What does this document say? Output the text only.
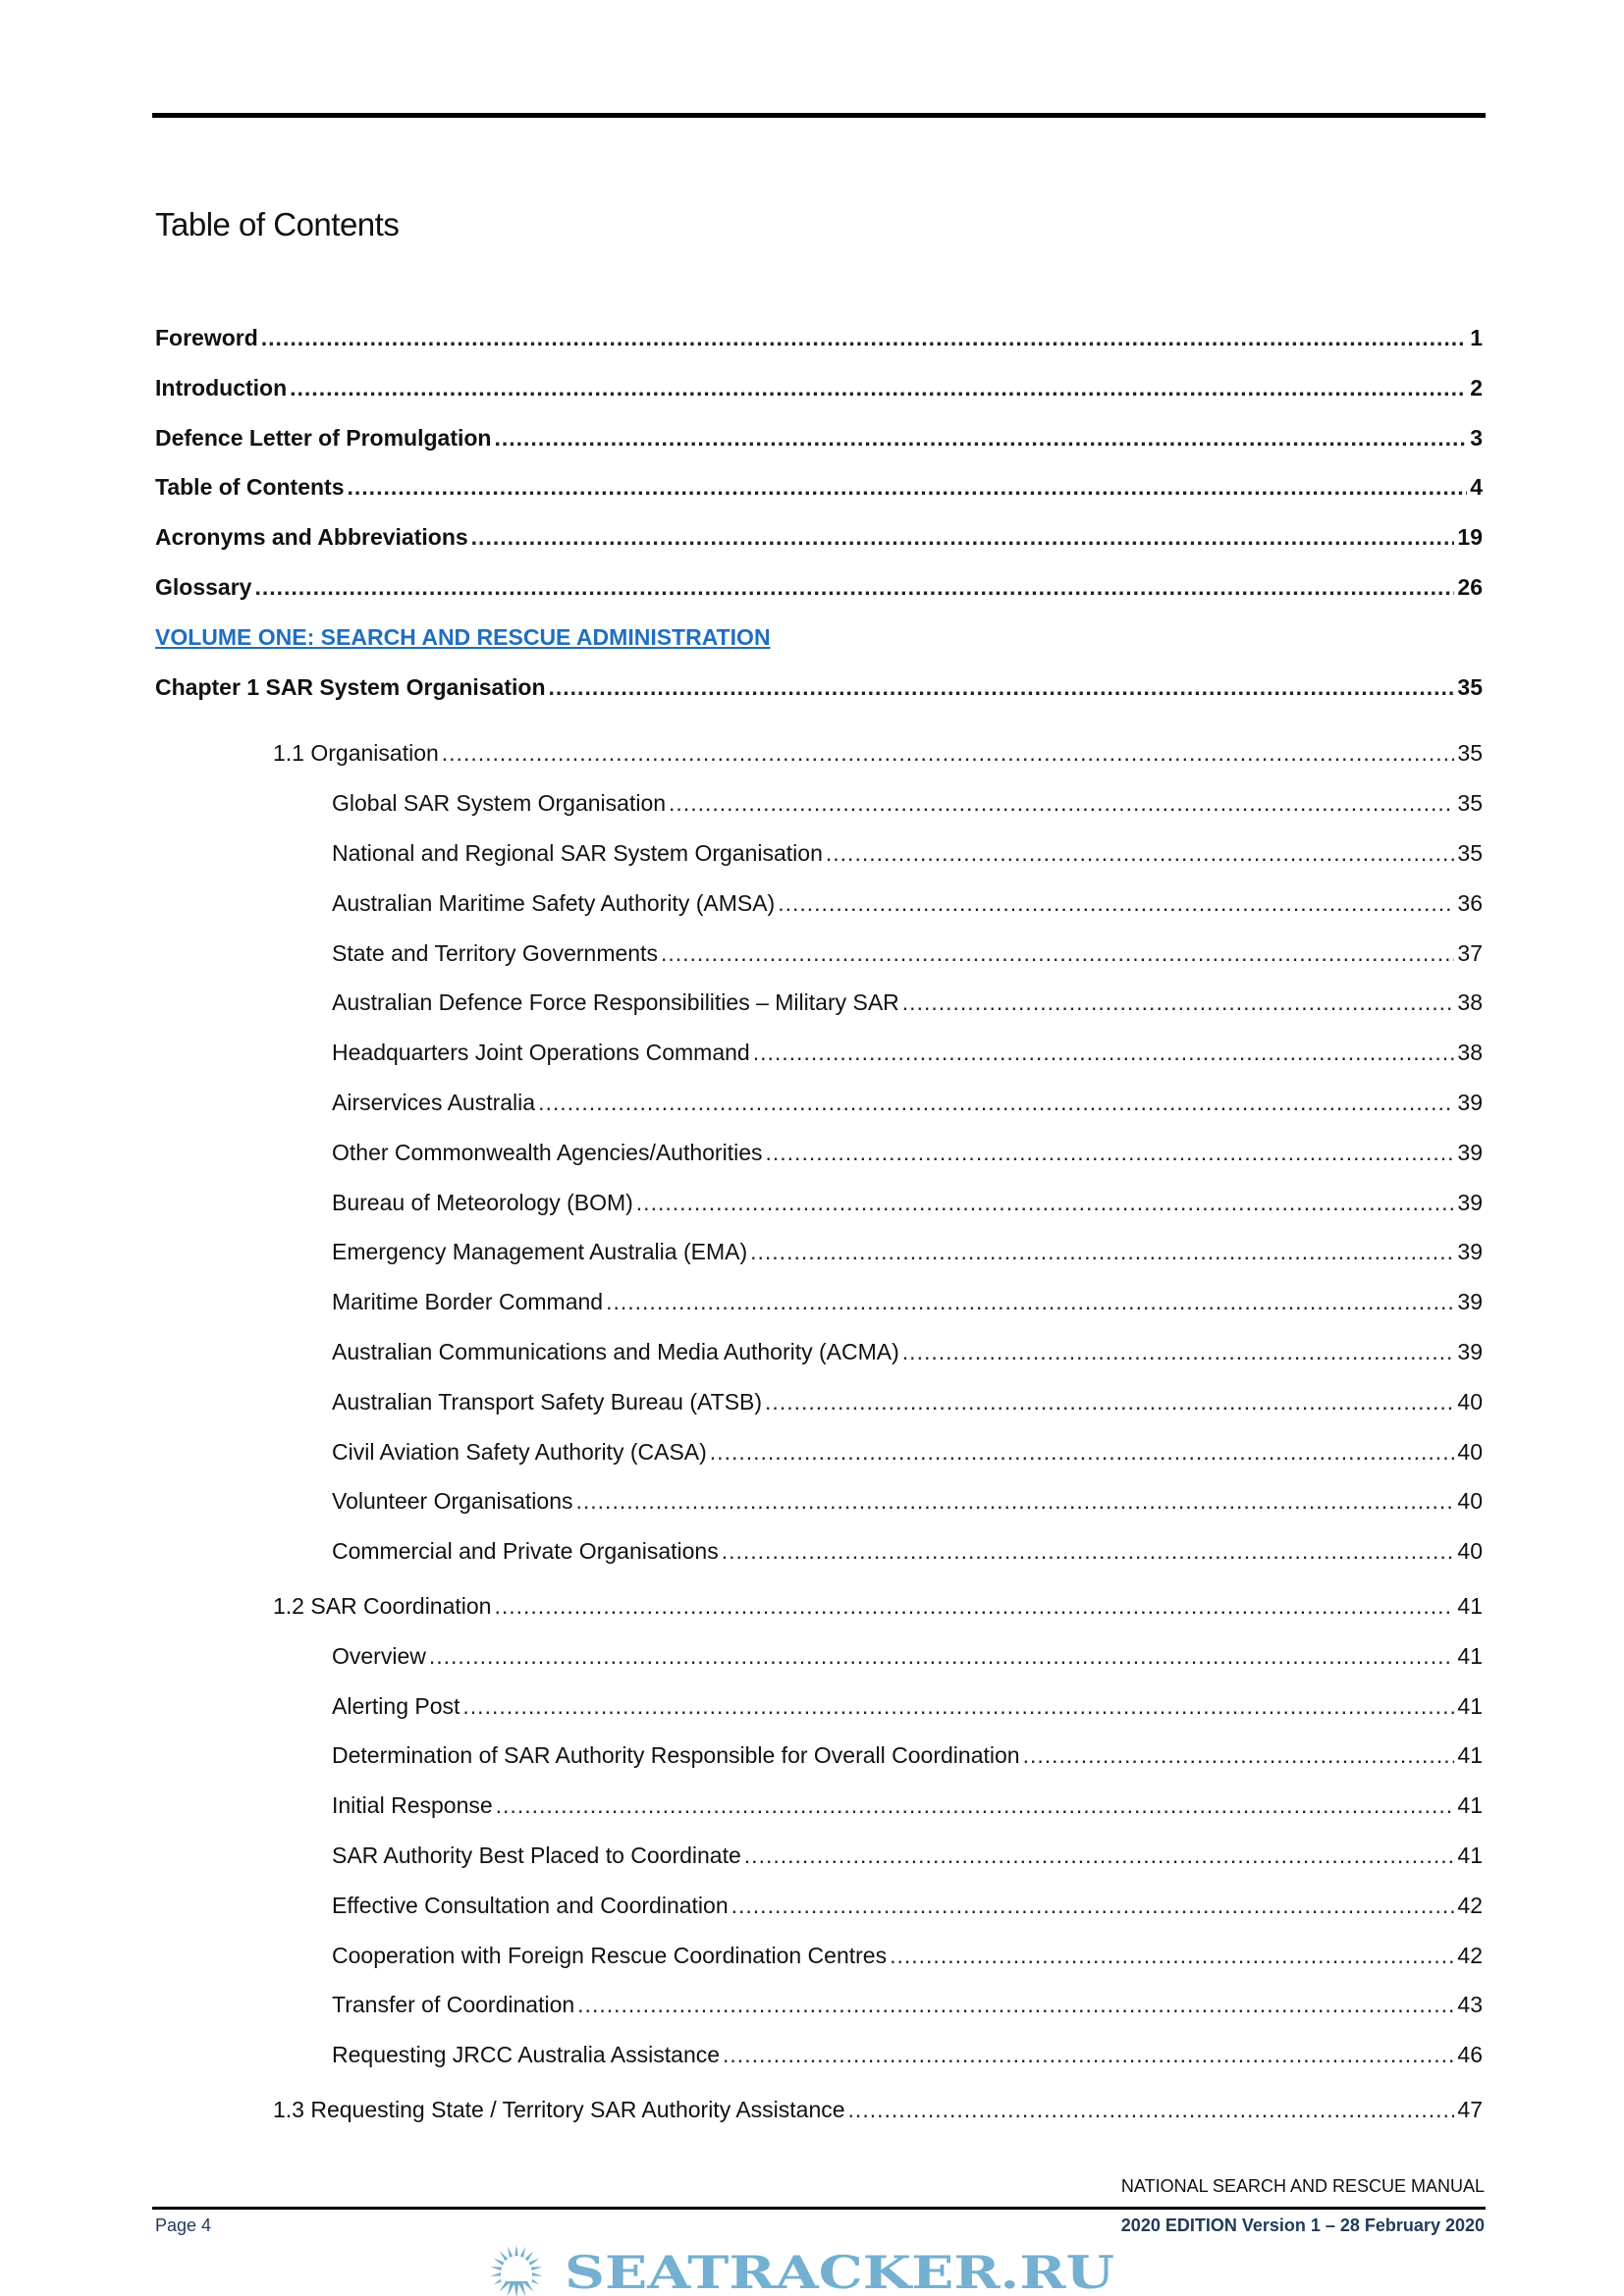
Table of Contents
Foreword .....	1
Introduction .....	2
Defence Letter of Promulgation .....	3
Table of Contents .....	4
Acronyms and Abbreviations .....	19
Glossary .....	26
VOLUME ONE: SEARCH AND RESCUE ADMINISTRATION
Chapter 1 SAR System Organisation .....	35
1.1 Organisation .....	35
Global SAR System Organisation .....	35
National and Regional SAR System Organisation .....	35
Australian Maritime Safety Authority (AMSA) .....	36
State and Territory Governments .....	37
Australian Defence Force Responsibilities – Military SAR .....	38
Headquarters Joint Operations Command .....	38
Airservices Australia .....	39
Other Commonwealth Agencies/Authorities .....	39
Bureau of Meteorology (BOM) .....	39
Emergency Management Australia (EMA) .....	39
Maritime Border Command .....	39
Australian Communications and Media Authority (ACMA) .....	39
Australian Transport Safety Bureau (ATSB) .....	40
Civil Aviation Safety Authority (CASA) .....	40
Volunteer Organisations .....	40
Commercial and Private Organisations .....	40
1.2 SAR Coordination .....	41
Overview .....	41
Alerting Post .....	41
Determination of SAR Authority Responsible for Overall Coordination .....	41
Initial Response .....	41
SAR Authority Best Placed to Coordinate .....	41
Effective Consultation and Coordination .....	42
Cooperation with Foreign Rescue Coordination Centres .....	42
Transfer of Coordination .....	43
Requesting JRCC Australia Assistance .....	46
1.3 Requesting State / Territory SAR Authority Assistance .....	47
NATIONAL SEARCH AND RESCUE MANUAL
Page 4	2020 EDITION Version 1 – 28 February 2020
SEATRACKER.RU
